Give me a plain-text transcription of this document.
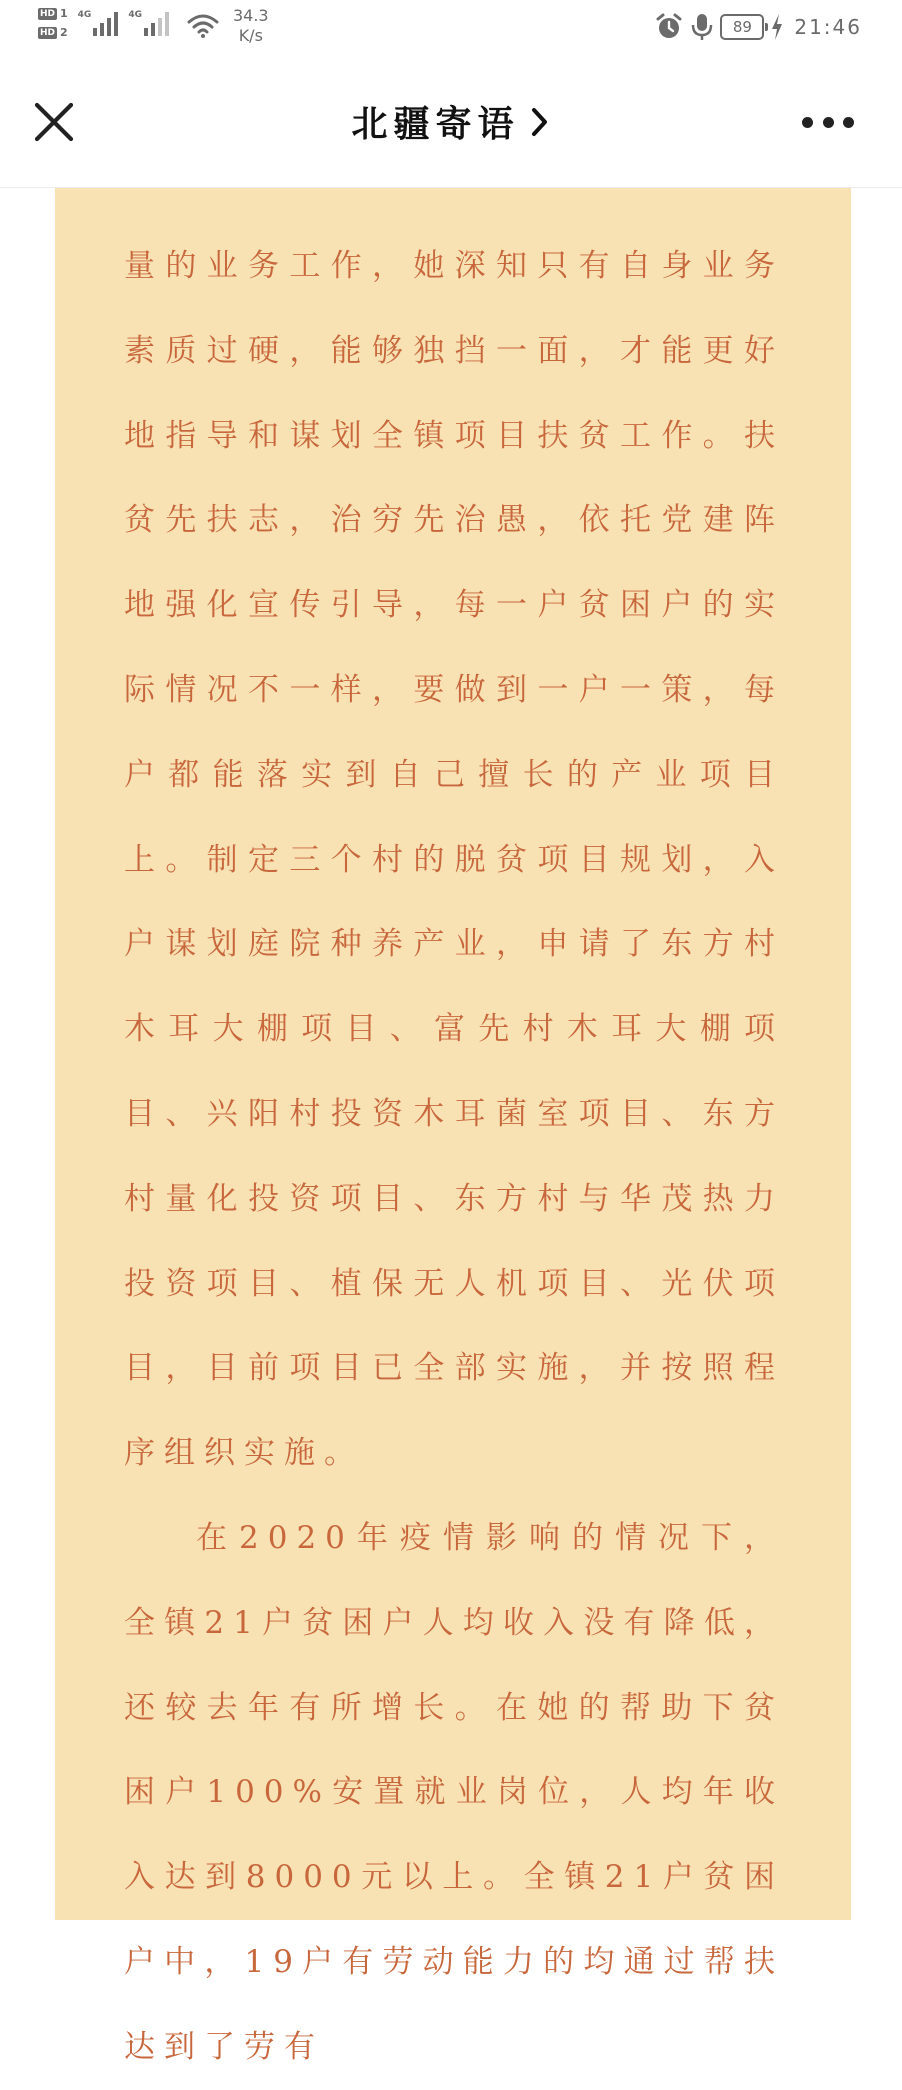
HD 1
HD 2
4G	4G	34.3
K/s	89 21:46
北疆寄语

量的业务工作，她深知只有自身业务素质过硬，能够独挡一面，才能更好地指导和谋划全镇项目扶贫工作。扶贫先扶志，治穷先治愚，依托党建阵地强化宣传引导，每一户贫困户的实际情况不一样，要做到一户一策，每户都能落实到自己擅长的产业项目上。制定三个村的脱贫项目规划，入户谋划庭院种养产业，申请了东方村木耳大棚项目、富先村木耳大棚项目、兴阳村投资木耳菌室项目、东方村量化投资项目、东方村与华茂热力投资项目、植保无人机项目、光伏项目，目前项目已全部实施，并按照程序组织实施。

在2020年疫情影响的情况下，全镇21户贫困户人均收入没有降低，还较去年有所增长。在她的帮助下贫困户100%安置就业岗位，人均年收入达到8000元以上。全镇21户贫困户中，19户有劳动能力的均通过帮扶达到了劳有
